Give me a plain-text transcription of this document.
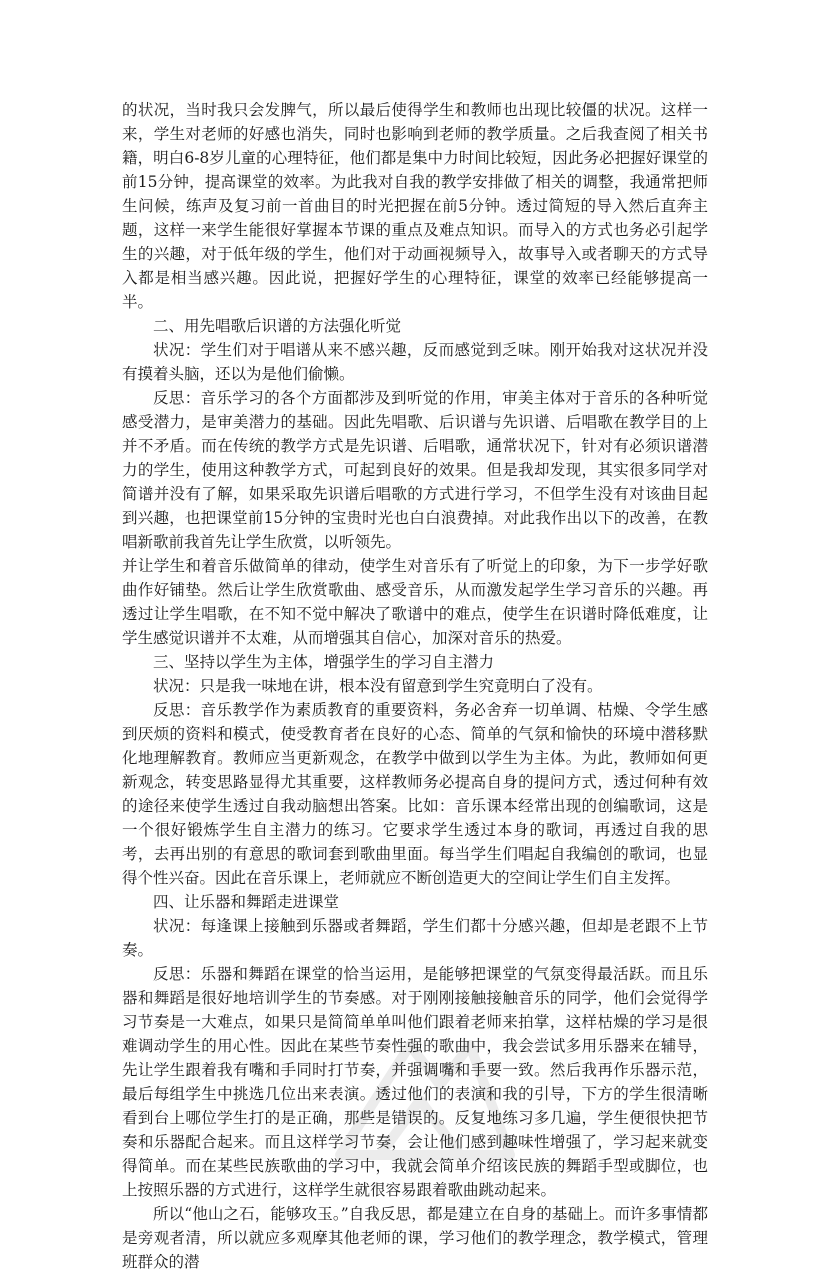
的状况，当时我只会发脾气，所以最后使得学生和教师也出现比较僵的状况。这样一来，学生对老师的好感也消失，同时也影响到老师的教学质量。之后我查阅了相关书籍，明白6-8岁儿童的心理特征，他们都是集中力时间比较短，因此务必把握好课堂的前15分钟，提高课堂的效率。为此我对自我的教学安排做了相关的调整，我通常把师生问候，练声及复习前一首曲目的时光把握在前5分钟。透过简短的导入然后直奔主题，这样一来学生能很好掌握本节课的重点及难点知识。而导入的方式也务必引起学生的兴趣，对于低年级的学生，他们对于动画视频导入，故事导入或者聊天的方式导入都是相当感兴趣。因此说，把握好学生的心理特征，课堂的效率已经能够提高一半。

二、用先唱歌后识谱的方法强化听觉

状况：学生们对于唱谱从来不感兴趣，反而感觉到乏味。刚开始我对这状况并没有摸着头脑，还以为是他们偷懒。

反思：音乐学习的各个方面都涉及到听觉的作用，审美主体对于音乐的各种听觉感受潜力，是审美潜力的基础。因此先唱歌、后识谱与先识谱、后唱歌在教学目的上并不矛盾。而在传统的教学方式是先识谱、后唱歌，通常状况下，针对有必须识谱潜力的学生，使用这种教学方式，可起到良好的效果。但是我却发现，其实很多同学对简谱并没有了解，如果采取先识谱后唱歌的方式进行学习，不但学生没有对该曲目起到兴趣，也把课堂前15分钟的宝贵时光也白白浪费掉。对此我作出以下的改善，在教唱新歌前我首先让学生欣赏，以听领先。

并让学生和着音乐做简单的律动，使学生对音乐有了听觉上的印象，为下一步学好歌曲作好铺垫。然后让学生欣赏歌曲、感受音乐，从而激发起学生学习音乐的兴趣。再透过让学生唱歌，在不知不觉中解决了歌谱中的难点，使学生在识谱时降低难度，让学生感觉识谱并不太难，从而增强其自信心，加深对音乐的热爱。

三、坚持以学生为主体，增强学生的学习自主潜力

状况：只是我一味地在讲，根本没有留意到学生究竟明白了没有。

反思：音乐教学作为素质教育的重要资料，务必舍弃一切单调、枯燥、令学生感到厌烦的资料和模式，使受教育者在良好的心态、简单的气氛和愉快的环境中潜移默化地理解教育。教师应当更新观念，在教学中做到以学生为主体。为此，教师如何更新观念，转变思路显得尤其重要，这样教师务必提高自身的提问方式，透过何种有效的途径来使学生透过自我动脑想出答案。比如：音乐课本经常出现的创编歌词，这是一个很好锻炼学生自主潜力的练习。它要求学生透过本身的歌词，再透过自我的思考，去再出别的有意思的歌词套到歌曲里面。每当学生们唱起自我编创的歌词，也显得个性兴奋。因此在音乐课上，老师就应不断创造更大的空间让学生们自主发挥。

四、让乐器和舞蹈走进课堂

状况：每逢课上接触到乐器或者舞蹈，学生们都十分感兴趣，但却是老跟不上节奏。

反思：乐器和舞蹈在课堂的恰当运用，是能够把课堂的气氛变得最活跃。而且乐器和舞蹈是很好地培训学生的节奏感。对于刚刚接触接触音乐的同学，他们会觉得学习节奏是一大难点，如果只是简简单单叫他们跟着老师来拍掌，这样枯燥的学习是很难调动学生的用心性。因此在某些节奏性强的歌曲中，我会尝试多用乐器来在辅导，先让学生跟着我有嘴和手同时打节奏，并强调嘴和手要一致。然后我再作乐器示范，最后每组学生中挑选几位出来表演。透过他们的表演和我的引导，下方的学生很清晰看到台上哪位学生打的是正确，那些是错误的。反复地练习多几遍，学生便很快把节奏和乐器配合起来。而且这样学习节奏，会让他们感到趣味性增强了，学习起来就变得简单。而在某些民族歌曲的学习中，我就会简单介绍该民族的舞蹈手型或脚位，也上按照乐器的方式进行，这样学生就很容易跟着歌曲跳动起来。

所以“他山之石，能够攻玉。”自我反思，都是建立在自身的基础上。而许多事情都是旁观者清，所以就应多观摩其他老师的课，学习他们的教学理念，教学模式，管理班群众的潜
